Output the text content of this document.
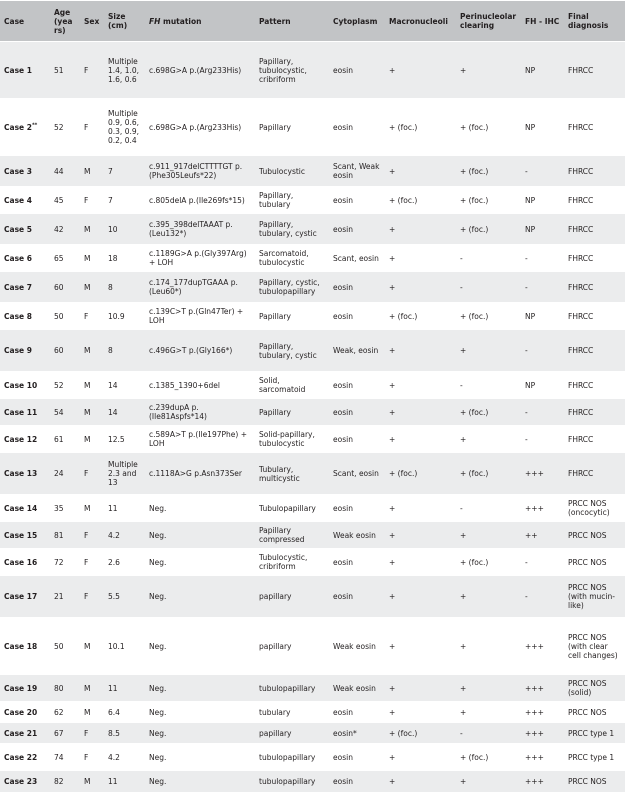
Case	Age (years)	Sex	Size (cm)	FH mutation	Pattern	Cytoplasm	Macronucleoli	Perinucleolar clearing	FH - IHC	Final diagnosis
Case 1	51	F	Multiple 1.4, 1.0, 1.6, 0.6	c.698G>A p.(Arg233His)	Papillary, tubulocystic, cribriform	eosin	+	+	NP	FHRCC
Case 2**	52	F	Multiple 0.9, 0.6, 0.3, 0.9, 0.2, 0.4	c.698G>A p.(Arg233His)	Papillary	eosin	+ (foc.)	+ (foc.)	NP	FHRCC
Case 3	44	M	7	c.911_917delCTTTTGT p.(Phe305Leufs*22)	Tubulocystic	Scant, Weak eosin	+	+ (foc.)	-	FHRCC
Case 4	45	F	7	c.805delA p.(Ile269fs*15)	Papillary, tubulary	eosin	+ (foc.)	+ (foc.)	NP	FHRCC
Case 5	42	M	10	c.395_398delTAAAT p.(Leu132*)	Papillary, tubulary, cystic	eosin	+	+ (foc.)	NP	FHRCC
Case 6	65	M	18	c.1189G>A p.(Gly397Arg) + LOH	Sarcomatoid, tubulocystic	Scant, eosin	+	-	-	FHRCC
Case 7	60	M	8	c.174_177dupTGAAA p.(Leu60*)	Papillary, cystic, tubulopapillary	eosin	+	-	-	FHRCC
Case 8	50	F	10.9	c.139C>T p.(Gln47Ter) + LOH	Papillary	eosin	+ (foc.)	+ (foc.)	NP	FHRCC
Case 9	60	M	8	c.496G>T p.(Gly166*)	Papillary, tubulary, cystic	Weak, eosin	+	+	-	FHRCC
Case 10	52	M	14	c.1385_1390+6del	Solid, sarcomatoid	eosin	+	-	NP	FHRCC
Case 11	54	M	14	c.239dupA p.(Ile81Aspfs*14)	Papillary	eosin	+	+ (foc.)	-	FHRCC
Case 12	61	M	12.5	c.589A>T p.(Ile197Phe) + LOH	Solid-papillary, tubulocystic	eosin	+	+	-	FHRCC
Case 13	24	F	Multiple 2.3 and 13	c.1118A>G p.Asn373Ser	Tubulary, multicystic	Scant, eosin	+ (foc.)	+ (foc.)	+++	FHRCC
Case 14	35	M	11	Neg.	Tubulopapillary	eosin	+	-	+++	PRCC NOS (oncocytic)
Case 15	81	F	4.2	Neg.	Papillary compressed	Weak eosin	+	+	++	PRCC NOS
Case 16	72	F	2.6	Neg.	Tubulocystic, cribriform	eosin	+	+ (foc.)	-	PRCC NOS
Case 17	21	F	5.5	Neg.	papillary	eosin	+	+	-	PRCC NOS (with mucin-like)
Case 18	50	M	10.1	Neg.	papillary	Weak eosin	+	+	+++	PRCC NOS (with clear cell changes)
Case 19	80	M	11	Neg.	tubulopapillary	Weak eosin	+	+	+++	PRCC NOS (solid)
Case 20	62	M	6.4	Neg.	tubulary	eosin	+	+	+++	PRCC NOS
Case 21	67	F	8.5	Neg.	papillary	eosin*	+ (foc.)	-	+++	PRCC type 1
Case 22	74	F	4.2	Neg.	tubulopapillary	eosin	+	+ (foc.)	+++	PRCC type 1
Case 23	82	M	11	Neg.	tubulopapillary	eosin	+	+	+++	PRCC NOS
